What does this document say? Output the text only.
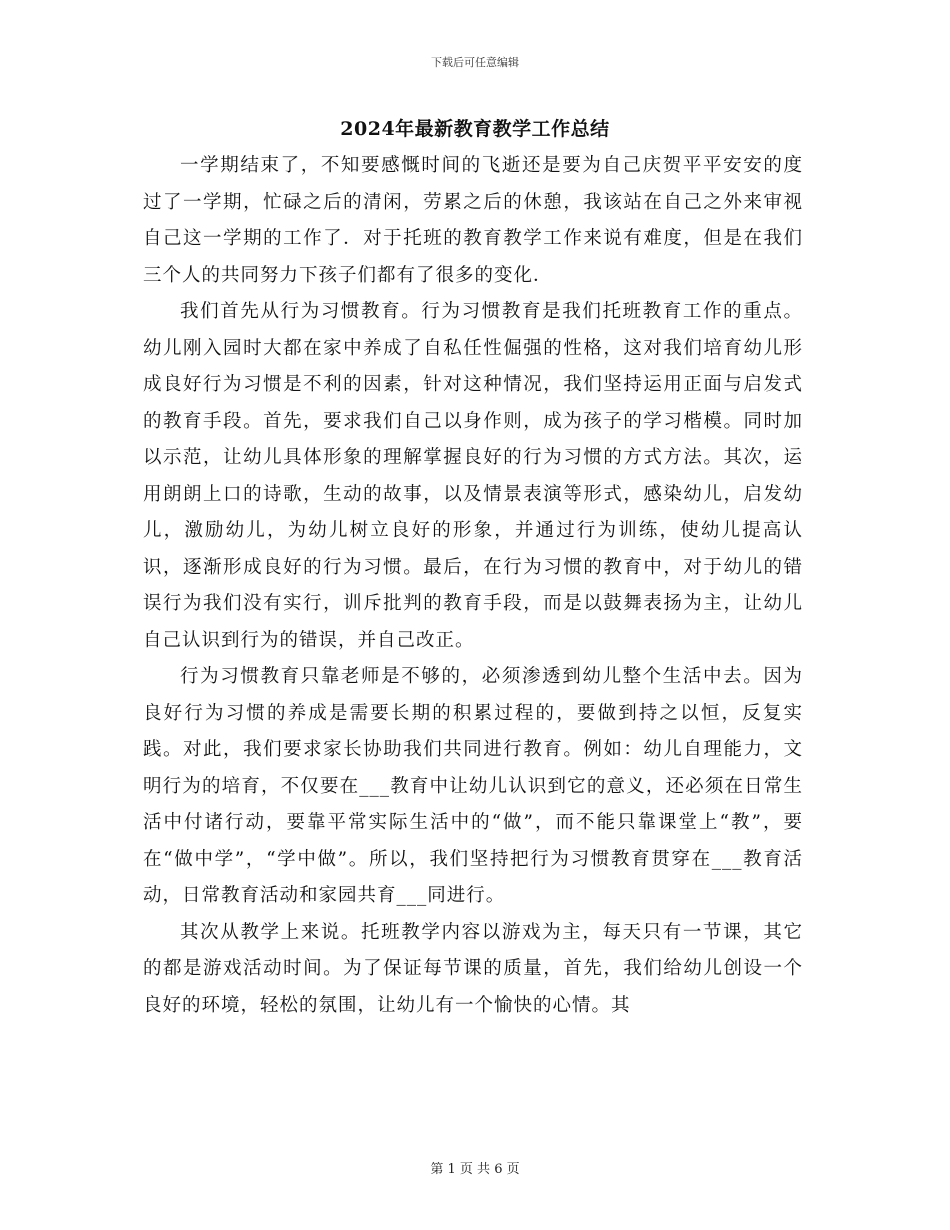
下载后可任意编辑
2024年最新教育教学工作总结

一学期结束了，不知要感慨时间的飞逝还是要为自己庆贺平平安安的度过了一学期，忙碌之后的清闲，劳累之后的休憩，我该站在自己之外来审视自己这一学期的工作了．对于托班的教育教学工作来说有难度，但是在我们三个人的共同努力下孩子们都有了很多的变化．

我们首先从行为习惯教育。行为习惯教育是我们托班教育工作的重点。幼儿刚入园时大都在家中养成了自私任性倔强的性格，这对我们培育幼儿形成良好行为习惯是不利的因素，针对这种情况，我们坚持运用正面与启发式的教育手段。首先，要求我们自己以身作则，成为孩子的学习楷模。同时加以示范，让幼儿具体形象的理解掌握良好的行为习惯的方式方法。其次，运用朗朗上口的诗歌，生动的故事，以及情景表演等形式，感染幼儿，启发幼儿，激励幼儿，为幼儿树立良好的形象，并通过行为训练，使幼儿提高认识，逐渐形成良好的行为习惯。最后，在行为习惯的教育中，对于幼儿的错误行为我们没有实行，训斥批判的教育手段，而是以鼓舞表扬为主，让幼儿自己认识到行为的错误，并自己改正。

行为习惯教育只靠老师是不够的，必须渗透到幼儿整个生活中去。因为良好行为习惯的养成是需要长期的积累过程的，要做到持之以恒，反复实践。对此，我们要求家长协助我们共同进行教育。例如：幼儿自理能力，文明行为的培育，不仅要在___教育中让幼儿认识到它的意义，还必须在日常生活中付诸行动，要靠平常实际生活中的“做”，而不能只靠课堂上“教”，要在“做中学”，“学中做”。所以，我们坚持把行为习惯教育贯穿在___教育活动，日常教育活动和家园共育___同进行。

其次从教学上来说。托班教学内容以游戏为主，每天只有一节课，其它的都是游戏活动时间。为了保证每节课的质量，首先，我们给幼儿创设一个良好的环境，轻松的氛围，让幼儿有一个愉快的心情。其

第 1 页 共 6 页
